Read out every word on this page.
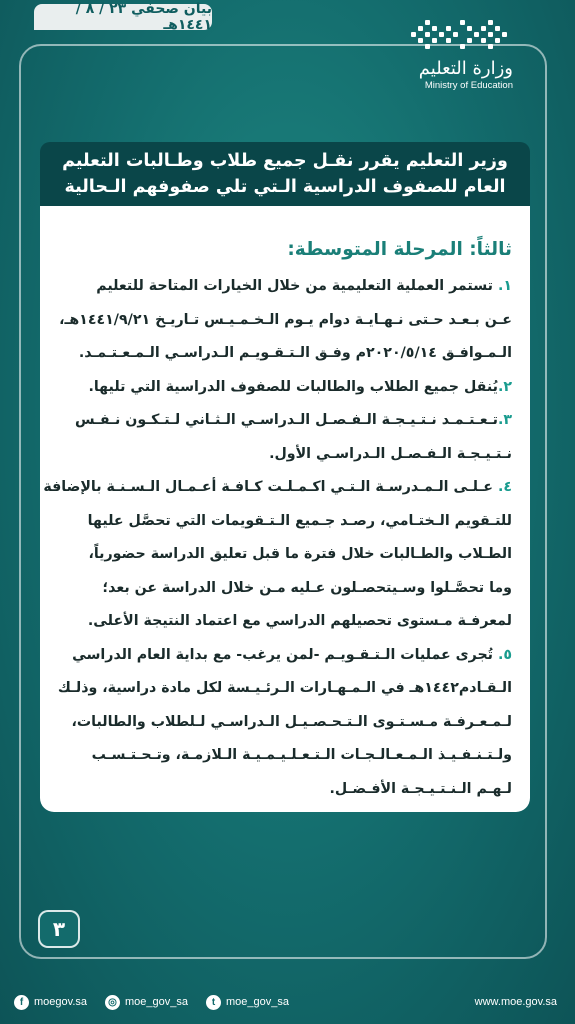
بيان صحفي ٢٣ / ٨ /١٤٤١هـ
وزارة التعليم
Ministry of Education
وزير التعليم يقرر نقـل جميع طلاب وطـالبات التعليم
العام للصفوف الدراسية الـتي تلي صفوفهم الـحالية
ثالثاً: المرحلة المتوسطة:
١. تستمر العملية التعليمية من خلال الخيارات المتاحة للتعليم
عـن بـعـد حـتى نـهـايـة دوام يـوم الـخـمـيـس تـاريـخ ١٤٤١/٩/٢١هـ،
الـمـوافـق ٢٠٢٠/٥/١٤م وفـق الـتـقـويـم الـدراسـي الـمـعـتـمـد.
٢.يُنقل جميع الطلاب والطالبات للصفوف الدراسية التي تليها.
٣.تـعـتـمـد نـتـيـجـة الـفـصـل الـدراسـي الـثـاني لـتـكـون نـفـس
نـتـيـجـة الـفـصـل الـدراسـي الأول.
٤. عـلـى الـمـدرسـة الـتـي اكـمـلـت كـافـة أعـمـال الـسـنـة بالإضافة
للتـقويم الـختـامي، رصـد جـميع الـتـقويمات التي تحصَّل عليها
الطـلاب والطـالبات خلال فترة ما قبل تعليق الدراسة حضورياً،
وما تحصَّـلوا وسـيتحصـلون عـليه مـن خلال الدراسة عن بعد؛
لمعرفـة مـستوى تحصيلهم الدراسي مع اعتماد النتيجة الأعلى.
٥. تُجرى عمليات الـتـقـويـم -لمن يرغب- مع بداية العام الدراسي
الـقـادم١٤٤٢هـ في الـمـهـارات الـرئـيـسة لكل مادة دراسية، وذلـك
لـمـعـرفـة مـسـتـوى الـتـحـصـيـل الـدراسـي لـلطلاب والطالبات،
ولـتـنـفـيـذ الـمـعـالـجـات الـتـعـلـيـمـيـة الـلازمـة، وتـحـتـسـب
لـهـم الـنـتـيـجـة الأفـضـل.
٣
f moegov.sa	◎ moe_gov_sa	t moe_gov_sa	www.moe.gov.sa
